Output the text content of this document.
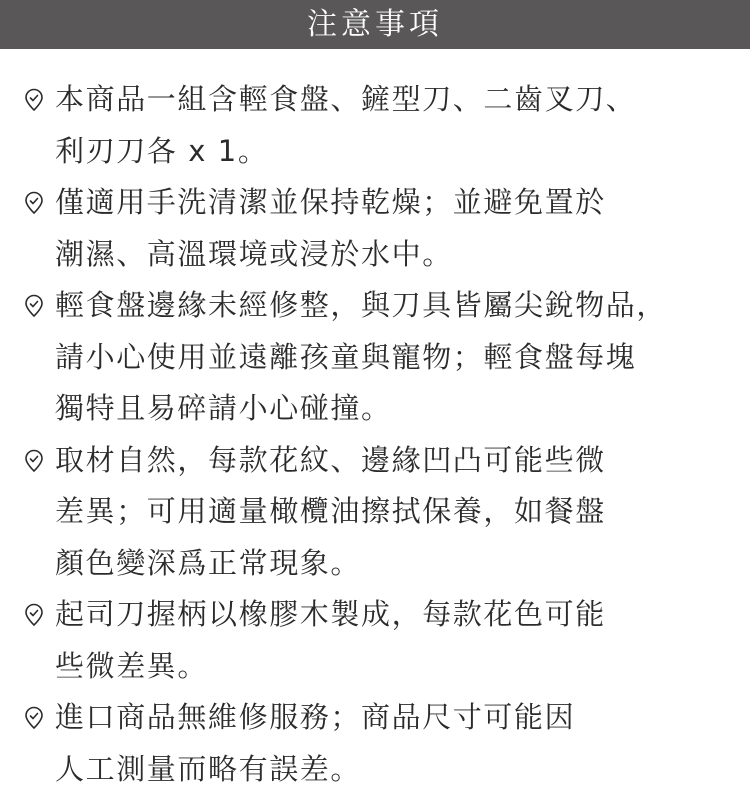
注意事項
本商品一組含輕食盤、鏟型刀、二齒叉刀、
利刃刀各 x 1。
僅適用手洗清潔並保持乾燥；並避免置於
潮濕、高溫環境或浸於水中。
輕食盤邊緣未經修整，與刀具皆屬尖銳物品，
請小心使用並遠離孩童與寵物；輕食盤每塊
獨特且易碎請小心碰撞。
取材自然，每款花紋、邊緣凹凸可能些微
差異；可用適量橄欖油擦拭保養，如餐盤
顏色變深爲正常現象。
起司刀握柄以橡膠木製成，每款花色可能
些微差異。
進口商品無維修服務；商品尺寸可能因
人工測量而略有誤差。
